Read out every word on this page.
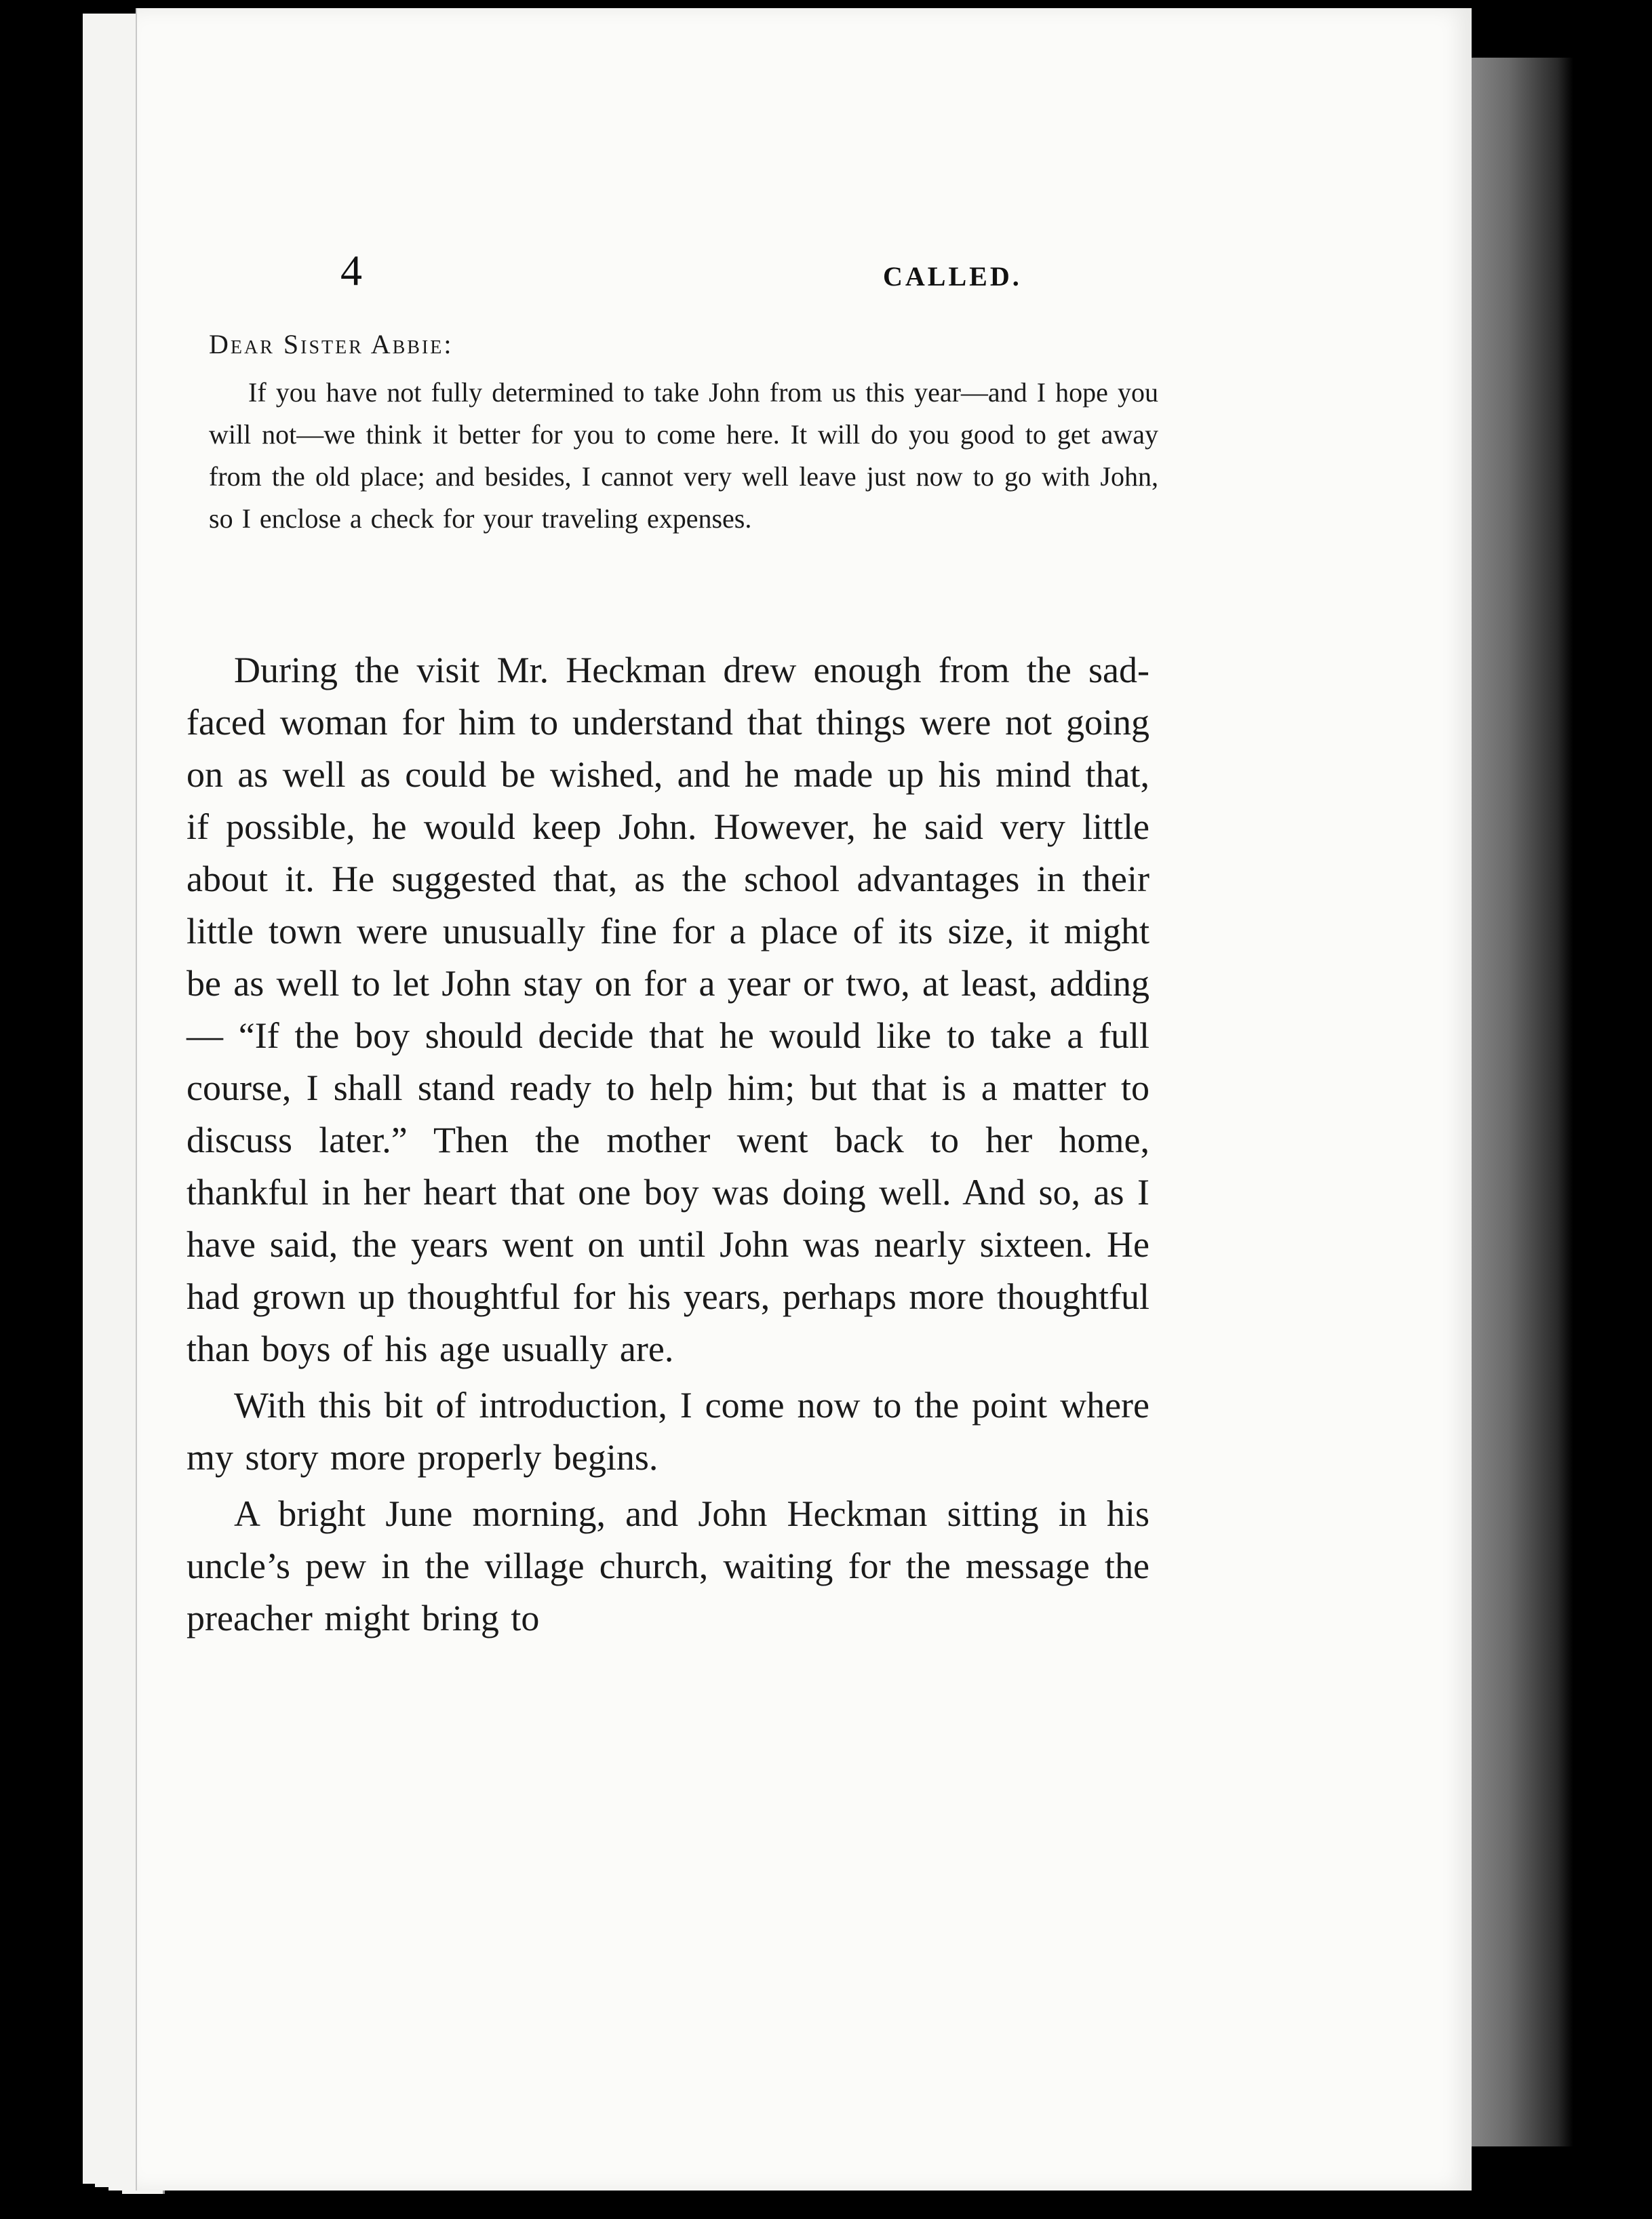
4	CALLED.

Dear Sister Abbie:

If you have not fully determined to take John from us this year—and I hope you will not—we think it better for you to come here. It will do you good to get away from the old place; and besides, I cannot very well leave just now to go with John, so I enclose a check for your traveling expenses.

During the visit Mr. Heckman drew enough from the sad-faced woman for him to understand that things were not going on as well as could be wished, and he made up his mind that, if possible, he would keep John. However, he said very little about it. He suggested that, as the school advantages in their little town were unusually fine for a place of its size, it might be as well to let John stay on for a year or two, at least, adding— “If the boy should decide that he would like to take a full course, I shall stand ready to help him; but that is a matter to discuss later.” Then the mother went back to her home, thankful in her heart that one boy was doing well. And so, as I have said, the years went on until John was nearly sixteen. He had grown up thoughtful for his years, perhaps more thoughtful than boys of his age usually are.

With this bit of introduction, I come now to the point where my story more properly begins.

A bright June morning, and John Heckman sitting in his uncle’s pew in the village church, waiting for the message the preacher might bring to
